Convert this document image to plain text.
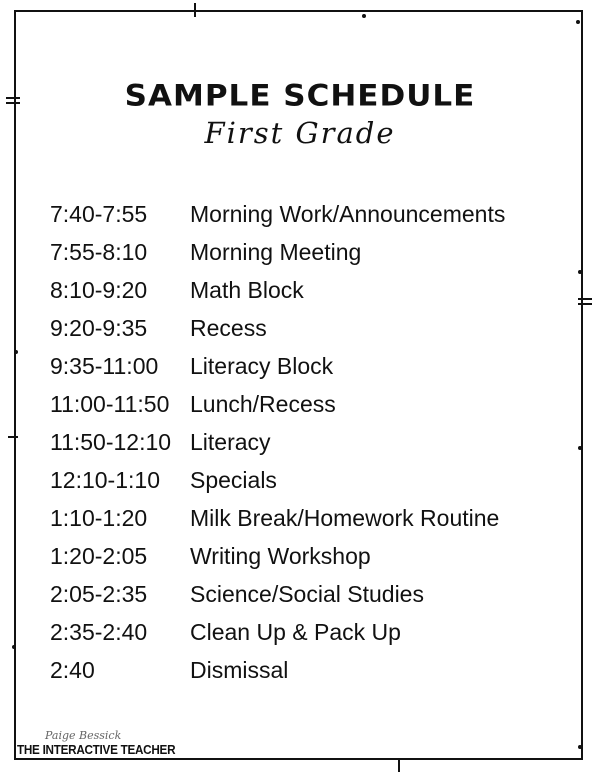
SAMPLE SCHEDULE
First Grade
7:40-7:55	Morning Work/Announcements
7:55-8:10	Morning Meeting
8:10-9:20	Math Block
9:20-9:35	Recess
9:35-11:00	Literacy Block
11:00-11:50 Lunch/Recess
11:50-12:10 Literacy
12:10-1:10	Specials
1:10-1:20	Milk Break/Homework Routine
1:20-2:05	Writing Workshop
2:05-2:35	Science/Social Studies
2:35-2:40	Clean Up & Pack Up
2:40	Dismissal
Paige Bessick
THE INTERACTIVE TEACHER
